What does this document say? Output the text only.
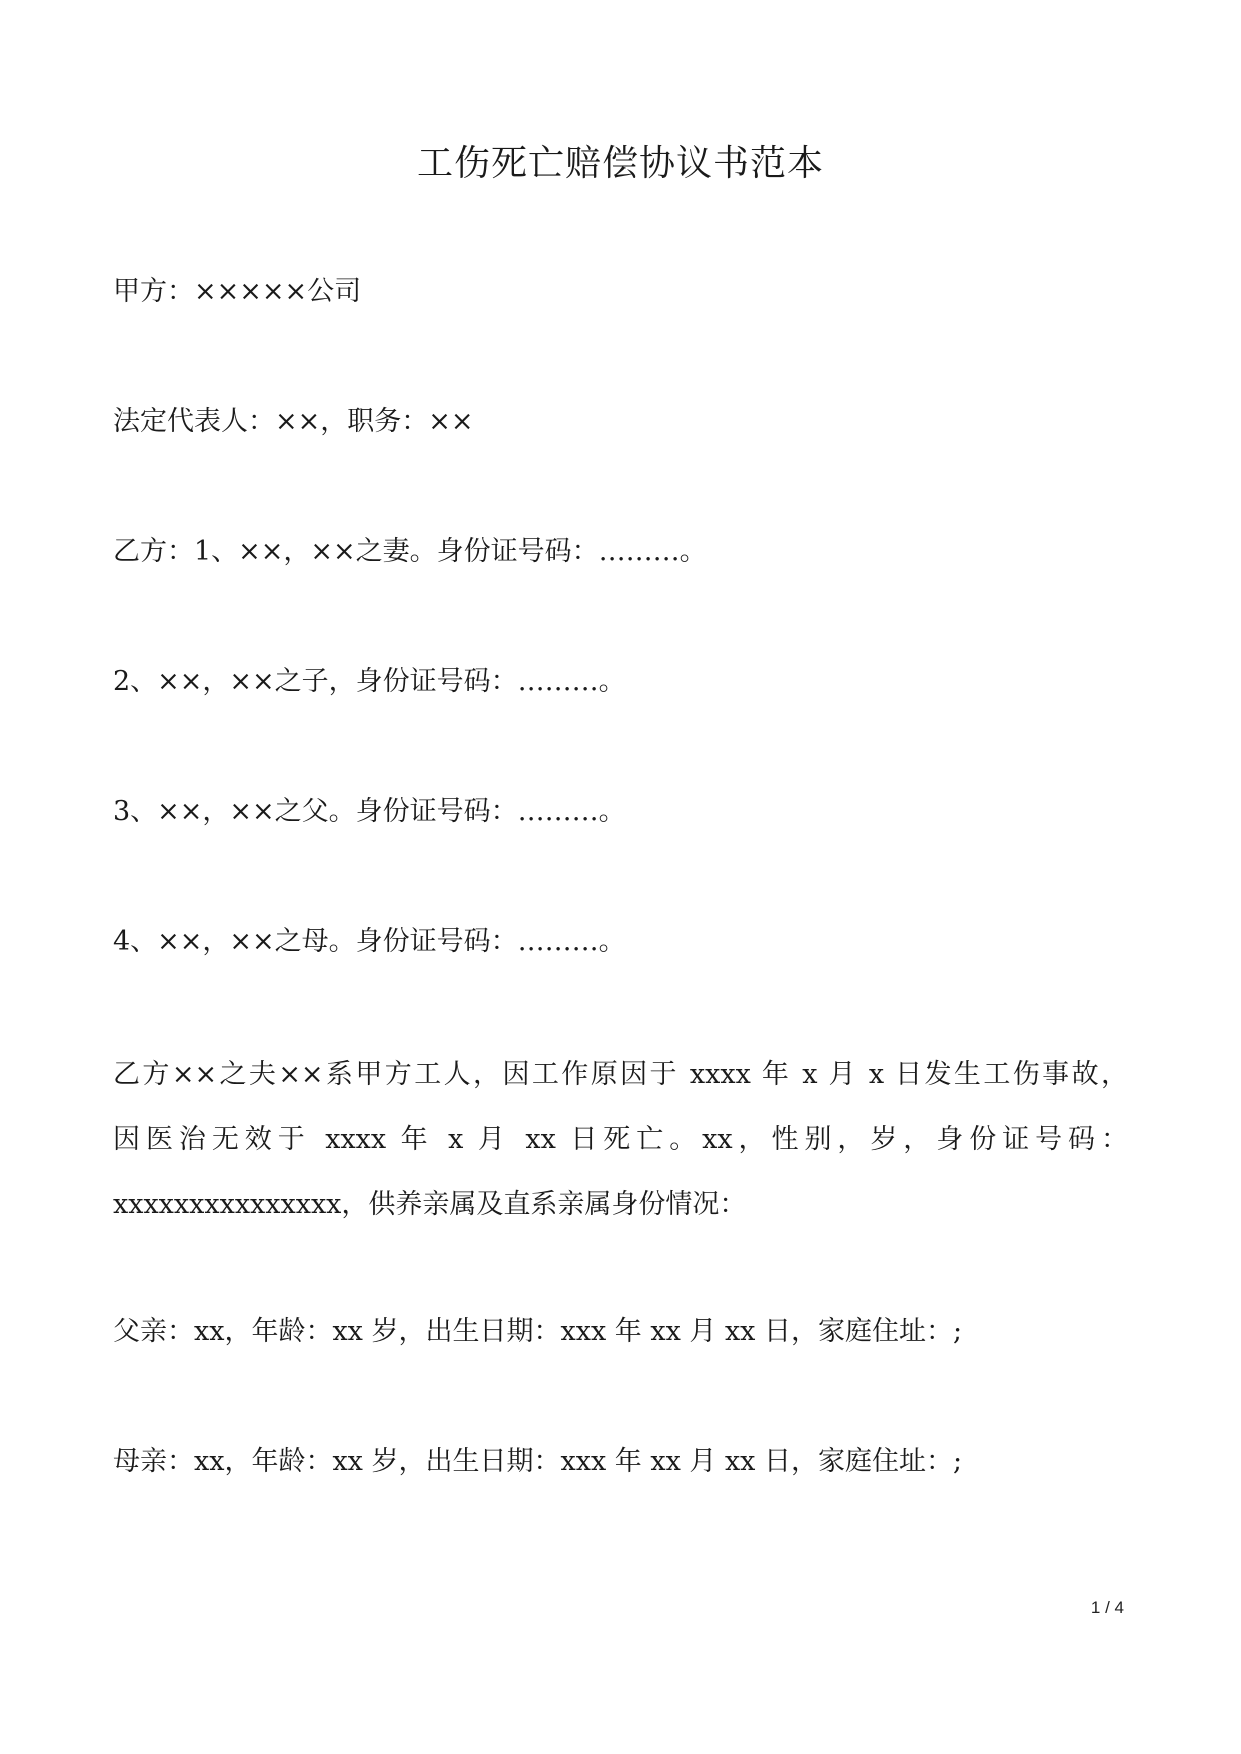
工伤死亡赔偿协议书范本
甲方：×××××公司
法定代表人：××，职务：××
乙方：1、××，××之妻。身份证号码：………。
2、××，××之子，身份证号码：………。
3、××，××之父。身份证号码：………。
4、××，××之母。身份证号码：………。
乙方××之夫××系甲方工人，因工作原因于 xxxx 年 x 月 x 日发生工伤事故，
因医治无效于 xxxx 年 x 月 xx 日死亡。xx，性别，岁，身份证号码：
xxxxxxxxxxxxxxx，供养亲属及直系亲属身份情况：
父亲：xx，年龄：xx 岁，出生日期：xxx 年 xx 月 xx 日，家庭住址：;
母亲：xx，年龄：xx 岁，出生日期：xxx 年 xx 月 xx 日，家庭住址：;
1 / 4
